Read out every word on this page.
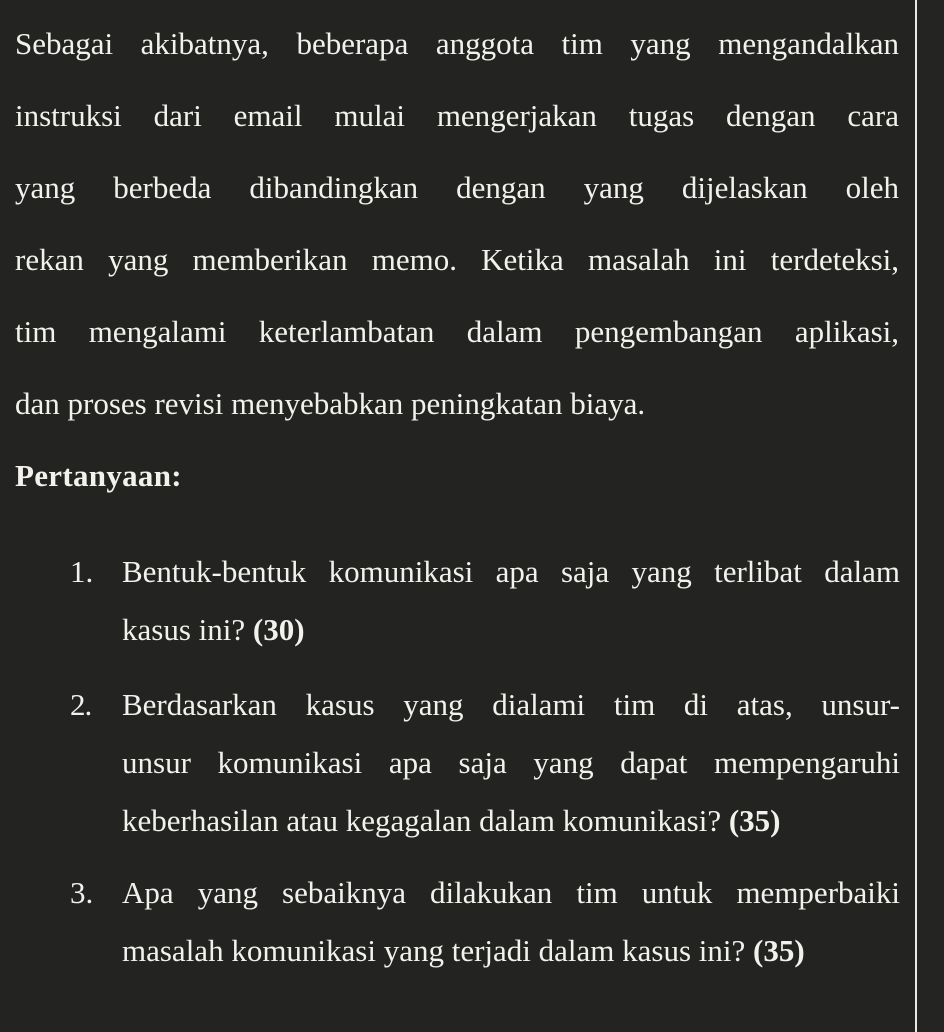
Sebagai akibatnya, beberapa anggota tim yang mengandalkan
instruksi dari email mulai mengerjakan tugas dengan cara
yang berbeda dibandingkan dengan yang dijelaskan oleh
rekan yang memberikan memo. Ketika masalah ini terdeteksi,
tim mengalami keterlambatan dalam pengembangan aplikasi,
dan proses revisi menyebabkan peningkatan biaya.
Pertanyaan:
1. Bentuk-bentuk komunikasi apa saja yang terlibat dalam
kasus ini? (30)
2. Berdasarkan kasus yang dialami tim di atas, unsur-
unsur komunikasi apa saja yang dapat mempengaruhi
keberhasilan atau kegagalan dalam komunikasi? (35)
3. Apa yang sebaiknya dilakukan tim untuk memperbaiki
masalah komunikasi yang terjadi dalam kasus ini? (35)
